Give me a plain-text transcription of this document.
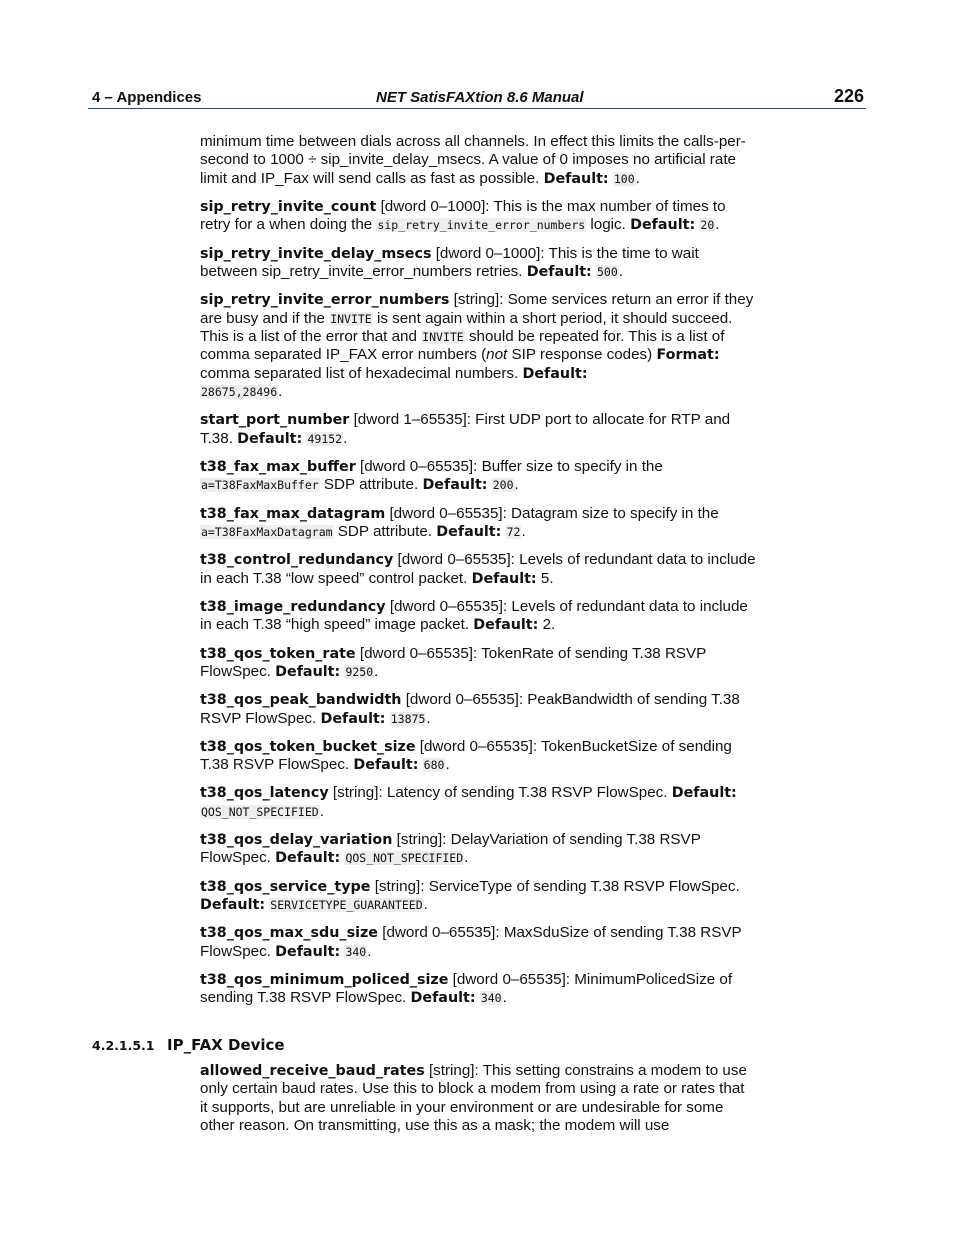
4 – Appendices	NET SatisFAXtion 8.6 Manual	226

minimum time between dials across all channels. In effect this limits the calls-per-second to 1000 ÷ sip_invite_delay_msecs. A value of 0 imposes no artificial rate limit and IP_Fax will send calls as fast as possible. Default: 100.

sip_retry_invite_count [dword 0–1000]: This is the max number of times to retry for a when doing the sip_retry_invite_error_numbers logic. Default: 20.

sip_retry_invite_delay_msecs [dword 0–1000]: This is the time to wait between sip_retry_invite_error_numbers retries. Default: 500.

sip_retry_invite_error_numbers [string]: Some services return an error if they are busy and if the INVITE is sent again within a short period, it should succeed. This is a list of the error that and INVITE should be repeated for. This is a list of comma separated IP_FAX error numbers (not SIP response codes) Format: comma separated list of hexadecimal numbers. Default:
28675,28496.

start_port_number [dword 1–65535]: First UDP port to allocate for RTP and T.38. Default: 49152.

t38_fax_max_buffer [dword 0–65535]: Buffer size to specify in the a=T38FaxMaxBuffer SDP attribute. Default: 200.

t38_fax_max_datagram [dword 0–65535]: Datagram size to specify in the a=T38FaxMaxDatagram SDP attribute. Default: 72.

t38_control_redundancy [dword 0–65535]: Levels of redundant data to include in each T.38 “low speed” control packet. Default: 5.

t38_image_redundancy [dword 0–65535]: Levels of redundant data to include in each T.38 “high speed” image packet. Default: 2.

t38_qos_token_rate [dword 0–65535]: TokenRate of sending T.38 RSVP FlowSpec. Default: 9250.

t38_qos_peak_bandwidth [dword 0–65535]: PeakBandwidth of sending T.38 RSVP FlowSpec. Default: 13875.

t38_qos_token_bucket_size [dword 0–65535]: TokenBucketSize of sending T.38 RSVP FlowSpec. Default: 680.

t38_qos_latency [string]: Latency of sending T.38 RSVP FlowSpec. Default:
QOS_NOT_SPECIFIED.

t38_qos_delay_variation [string]: DelayVariation of sending T.38 RSVP FlowSpec. Default: QOS_NOT_SPECIFIED.

t38_qos_service_type [string]: ServiceType of sending T.38 RSVP FlowSpec.
Default: SERVICETYPE_GUARANTEED.

t38_qos_max_sdu_size [dword 0–65535]: MaxSduSize of sending T.38 RSVP FlowSpec. Default: 340.

t38_qos_minimum_policed_size [dword 0–65535]: MinimumPolicedSize of sending T.38 RSVP FlowSpec. Default: 340.

4.2.1.5.1 IP_FAX Device

allowed_receive_baud_rates [string]: This setting constrains a modem to use only certain baud rates. Use this to block a modem from using a rate or rates that it supports, but are unreliable in your environment or are undesirable for some other reason. On transmitting, use this as a mask; the modem will use
